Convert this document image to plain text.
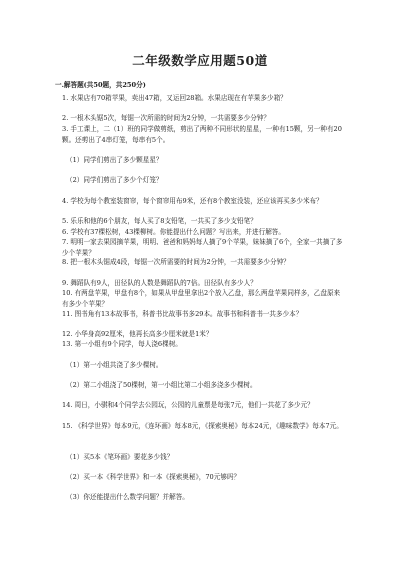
二年级数学应用题50道
一.解答题(共50题，共250分)
1. 水果店有70箱苹果，卖出47箱，又运回28箱。水果店现在有苹果多少箱？
2. 一根木头锯5次，每锯一次所需的时间为2分钟，一共需要多少分钟？
3. 手工课上，二（1）班的同学做剪纸，剪出了两种不同形状的星星，一种有15颗，另一种有20颗。还剪出了4串灯笼，每串有5个。
（1）同学们剪出了多少颗星星？
（2）同学们剪出了多少个灯笼？
4. 学校为每个教室装窗帘，每个窗帘用布9米，还有8个教室没装，还应该再买多少米布？
5. 乐乐和他的6个朋友，每人买了8支铅笔，一共买了多少支铅笔？
6. 学校有37棵松树，43棵柳树。你能提出什么问题？写出来，并进行解答。
7. 明明一家去果园摘苹果，明明、爸爸和妈妈每人摘了9个苹果，妹妹摘了6个，全家一共摘了多少个苹果？
8. 把一根木头锯成4段，每锯一次所需要的时间为2分钟，一共需要多少分钟？
9. 舞蹈队有9人，田径队的人数是舞蹈队的7倍。田径队有多少人？
10. 有两盘苹果，甲盘有8个，如果从甲盘里拿出2个放入乙盘，那么两盘苹果同样多，乙盘原来有多少个苹果？
11. 图书角有13本故事书，科普书比故事书多29本。故事书和科普书一共多少本？
12. 小华身高92厘米，他再长高多少厘米就是1米？
13. 第一小组有9个同学，每人浇6棵树。
（1）第一小组共浇了多少棵树。
（2）第二小组浇了50棵树，第一小组比第二小组多浇多少棵树。
14. 周日，小骐和4个同学去公园玩，公园的儿童票是每张7元，他们一共花了多少元？
15. 《科学世界》每本9元，《连环画》每本8元，《探索奥秘》每本24元，《趣味数学》每本7元。
（1）买5本《笔环画》要花多少钱？
（2）买一本《科学世界》和一本《探索奥秘》，70元够吗？
（3）你还能提出什么数学问题？并解答。
